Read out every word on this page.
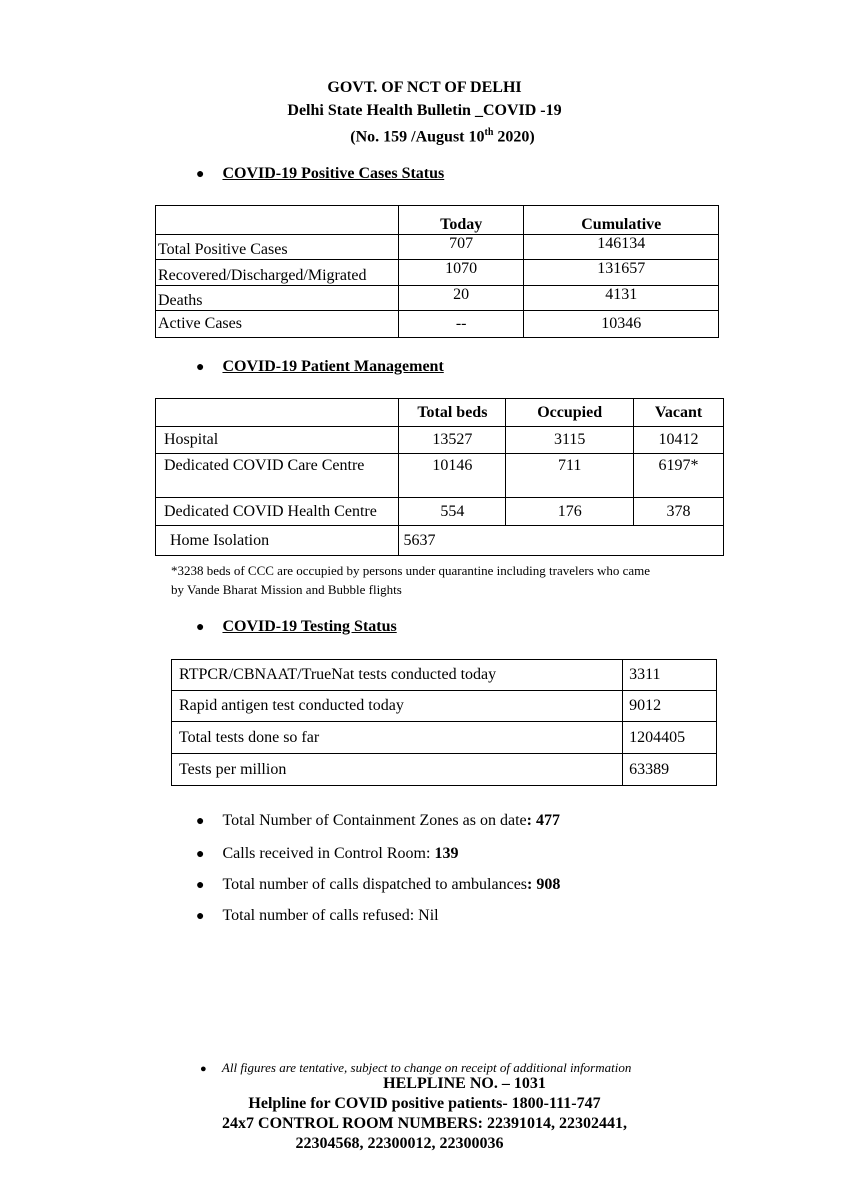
GOVT. OF NCT OF DELHI
Delhi State Health Bulletin _COVID -19
(No. 159 /August 10th 2020)
● COVID-19 Positive Cases Status
	Today	Cumulative
Total Positive Cases	707	146134
Recovered/Discharged/Migrated	1070	131657
Deaths	20	4131
Active Cases	--	10346
● COVID-19 Patient Management
	Total beds	Occupied	Vacant
Hospital	13527	3115	10412
Dedicated COVID Care Centre	10146	711	6197*
Dedicated COVID Health Centre	554	176	378
Home Isolation	5637		
*3238 beds of CCC are occupied by persons under quarantine including travelers who came
by Vande Bharat Mission and Bubble flights
● COVID-19 Testing Status
RTPCR/CBNAAT/TrueNat tests conducted today	3311
Rapid antigen test conducted today	9012
Total tests done so far	1204405
Tests per million	63389
● Total Number of Containment Zones as on date: 477
● Calls received in Control Room: 139
● Total number of calls dispatched to ambulances: 908
● Total number of calls refused: Nil
● All figures are tentative, subject to change on receipt of additional information
HELPLINE NO. – 1031
Helpline for COVID positive patients- 1800-111-747
24x7 CONTROL ROOM NUMBERS: 22391014, 22302441,
22304568, 22300012, 22300036
